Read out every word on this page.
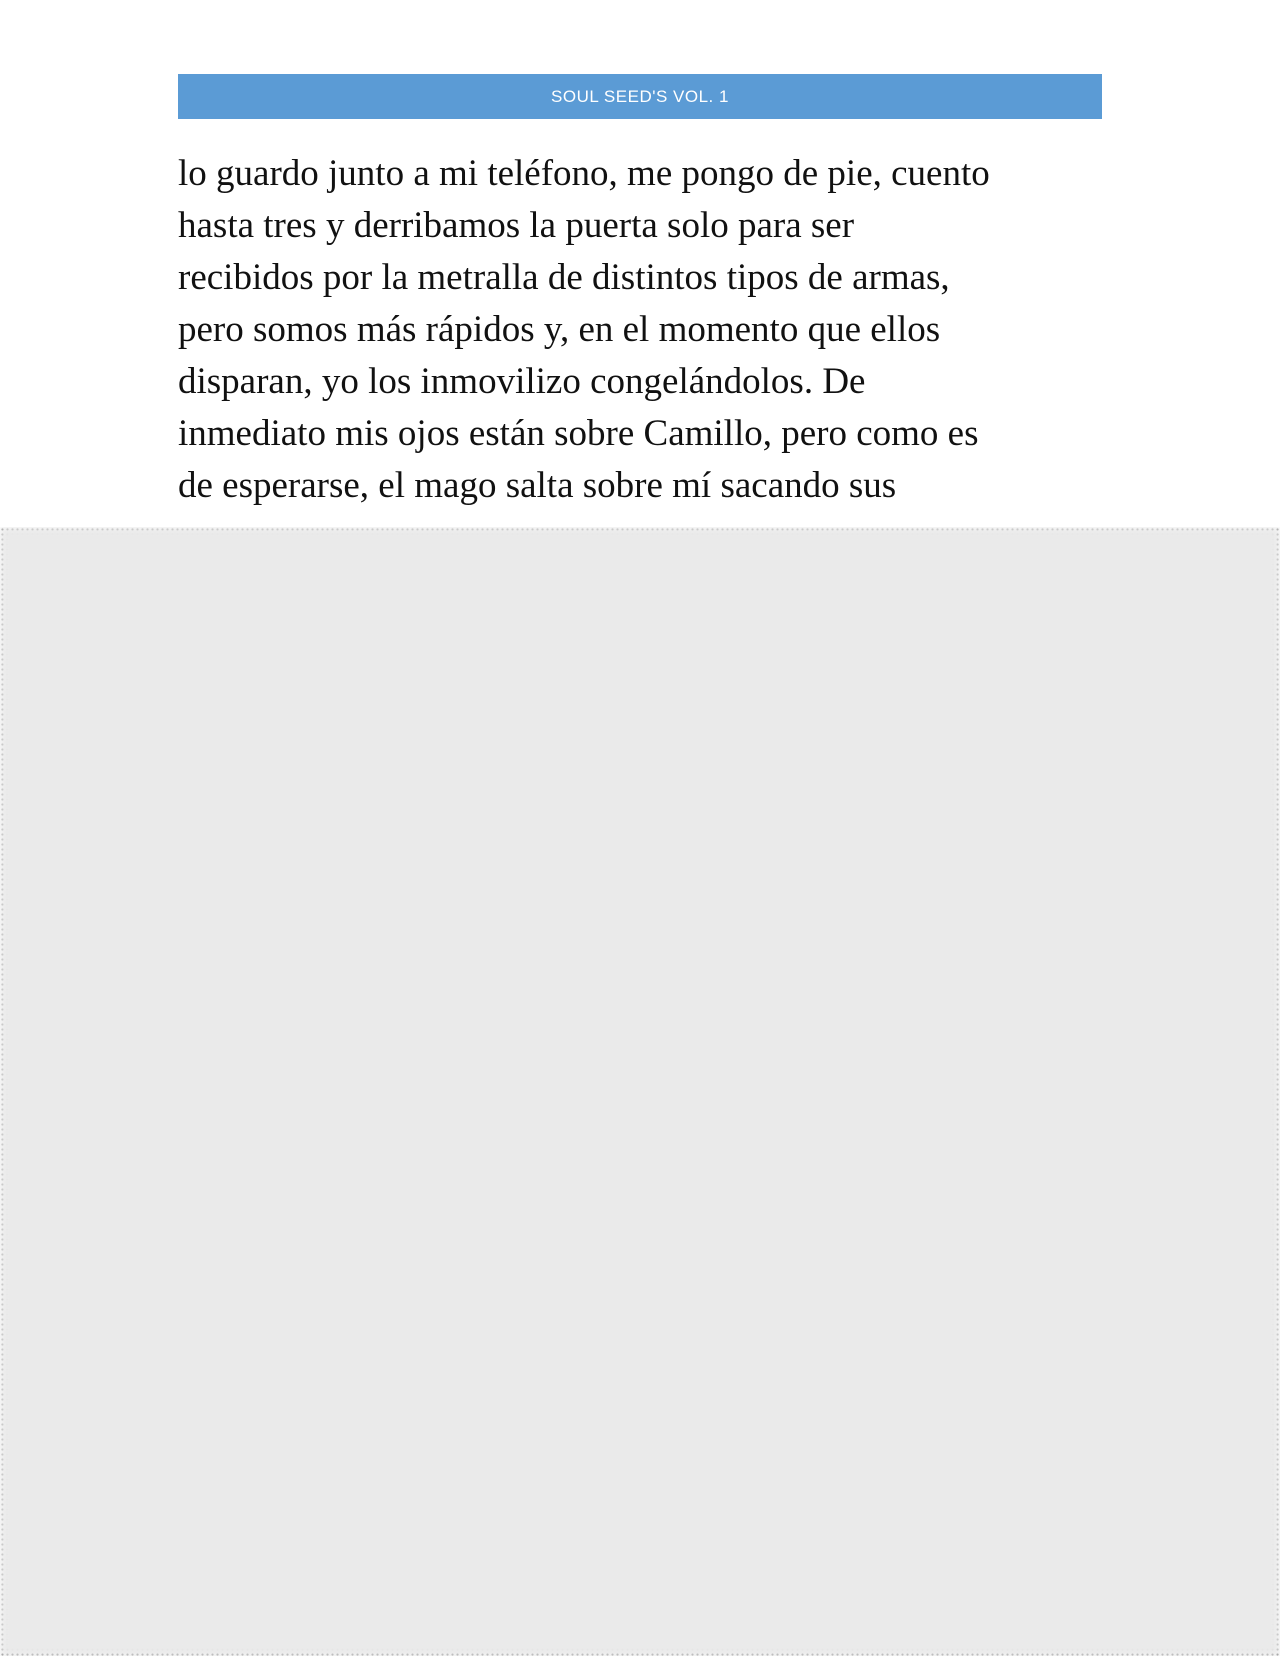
SOUL SEED'S VOL. 1

lo guardo junto a mi teléfono, me pongo de pie, cuento
hasta tres y derribamos la puerta solo para ser
recibidos por la metralla de distintos tipos de armas,
pero somos más rápidos y, en el momento que ellos
disparan, yo los inmovilizo congelándolos. De
inmediato mis ojos están sobre Camillo, pero como es
de esperarse, el mago salta sobre mí sacando sus
